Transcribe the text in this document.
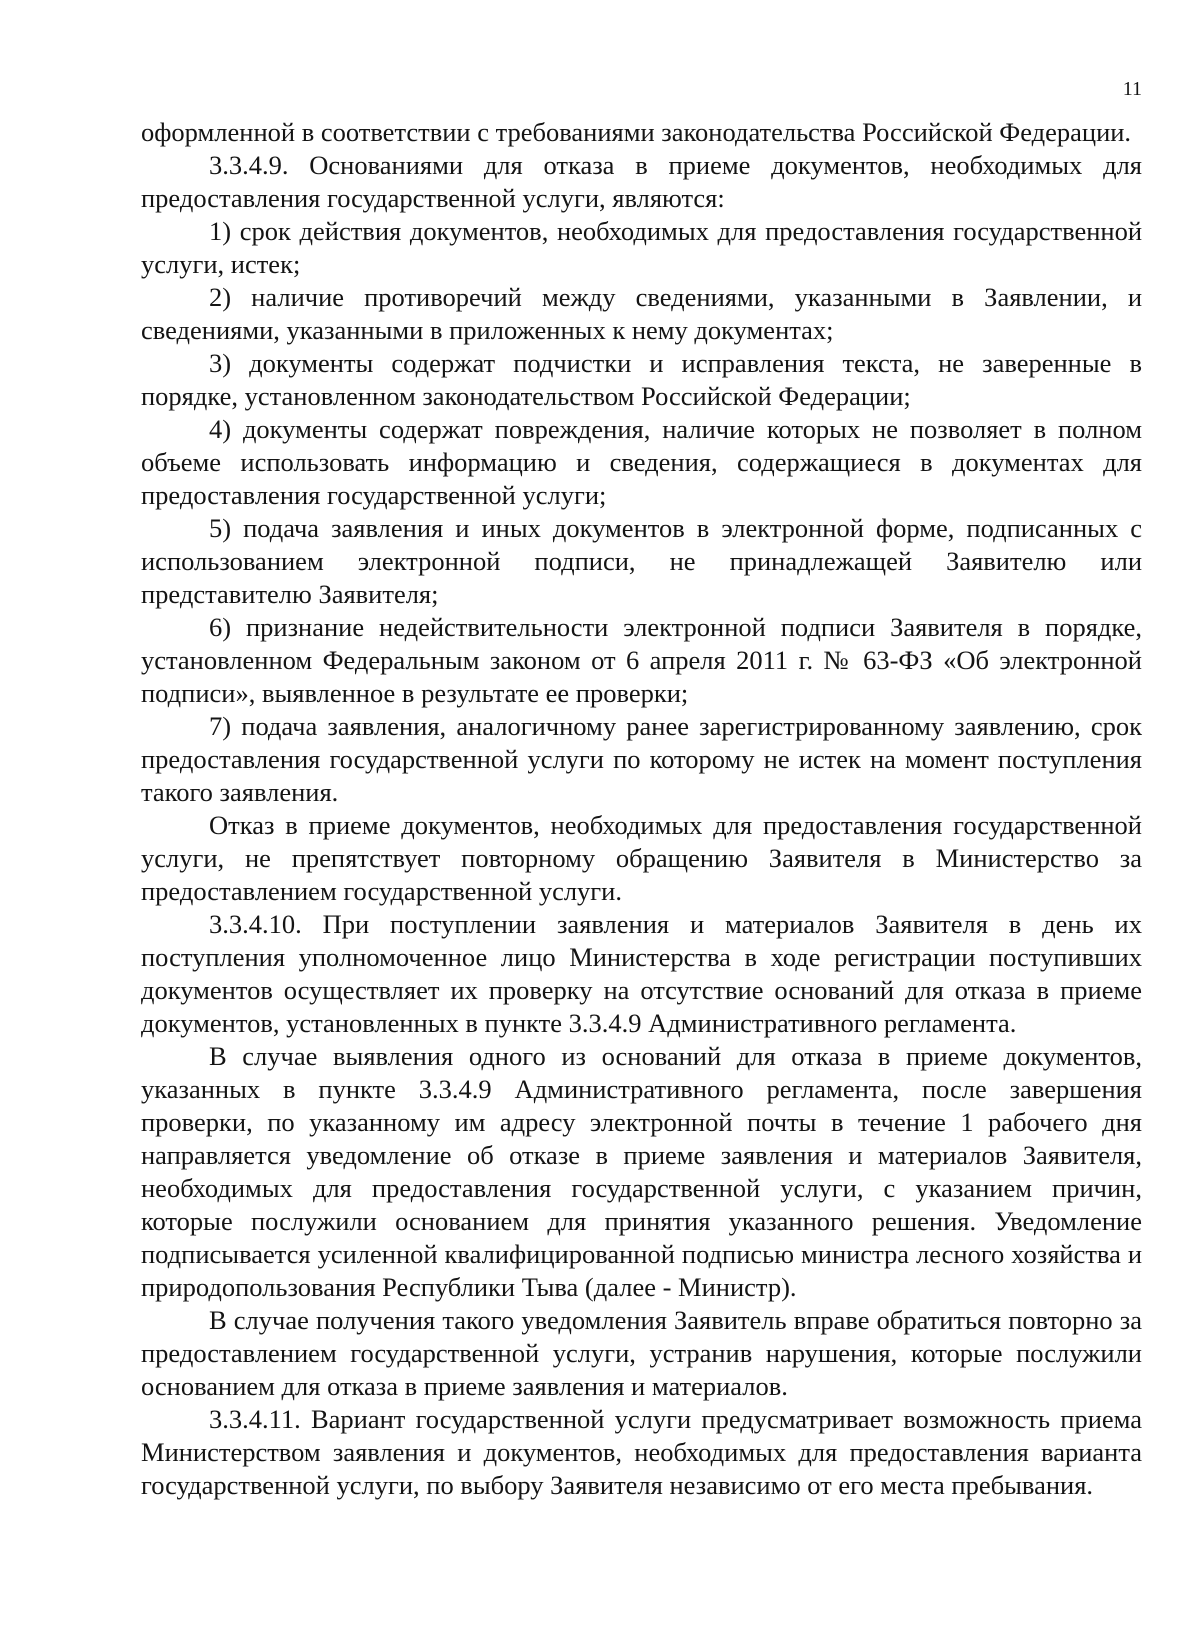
11

оформленной в соответствии с требованиями законодательства Российской Федерации.

3.3.4.9. Основаниями для отказа в приеме документов, необходимых для предоставления государственной услуги, являются:

1) срок действия документов, необходимых для предоставления государственной услуги, истек;

2) наличие противоречий между сведениями, указанными в Заявлении, и сведениями, указанными в приложенных к нему документах;

3) документы содержат подчистки и исправления текста, не заверенные в порядке, установленном законодательством Российской Федерации;

4) документы содержат повреждения, наличие которых не позволяет в полном объеме использовать информацию и сведения, содержащиеся в документах для предоставления государственной услуги;

5) подача заявления и иных документов в электронной форме, подписанных с использованием электронной подписи, не принадлежащей Заявителю или представителю Заявителя;

6) признание недействительности электронной подписи Заявителя в порядке, установленном Федеральным законом от 6 апреля 2011 г. № 63-ФЗ «Об электронной подписи», выявленное в результате ее проверки;

7) подача заявления, аналогичному ранее зарегистрированному заявлению, срок предоставления государственной услуги по которому не истек на момент поступления такого заявления.

Отказ в приеме документов, необходимых для предоставления государственной услуги, не препятствует повторному обращению Заявителя в Министерство за предоставлением государственной услуги.

3.3.4.10. При поступлении заявления и материалов Заявителя в день их поступления уполномоченное лицо Министерства в ходе регистрации поступивших документов осуществляет их проверку на отсутствие оснований для отказа в приеме документов, установленных в пункте 3.3.4.9 Административного регламента.

В случае выявления одного из оснований для отказа в приеме документов, указанных в пункте 3.3.4.9 Административного регламента, после завершения проверки, по указанному им адресу электронной почты в течение 1 рабочего дня направляется уведомление об отказе в приеме заявления и материалов Заявителя, необходимых для предоставления государственной услуги, с указанием причин, которые послужили основанием для принятия указанного решения. Уведомление подписывается усиленной квалифицированной подписью министра лесного хозяйства и природопользования Республики Тыва (далее - Министр).

В случае получения такого уведомления Заявитель вправе обратиться повторно за предоставлением государственной услуги, устранив нарушения, которые послужили основанием для отказа в приеме заявления и материалов.

3.3.4.11. Вариант государственной услуги предусматривает возможность приема Министерством заявления и документов, необходимых для предоставления варианта государственной услуги, по выбору Заявителя независимо от его места пребывания.
